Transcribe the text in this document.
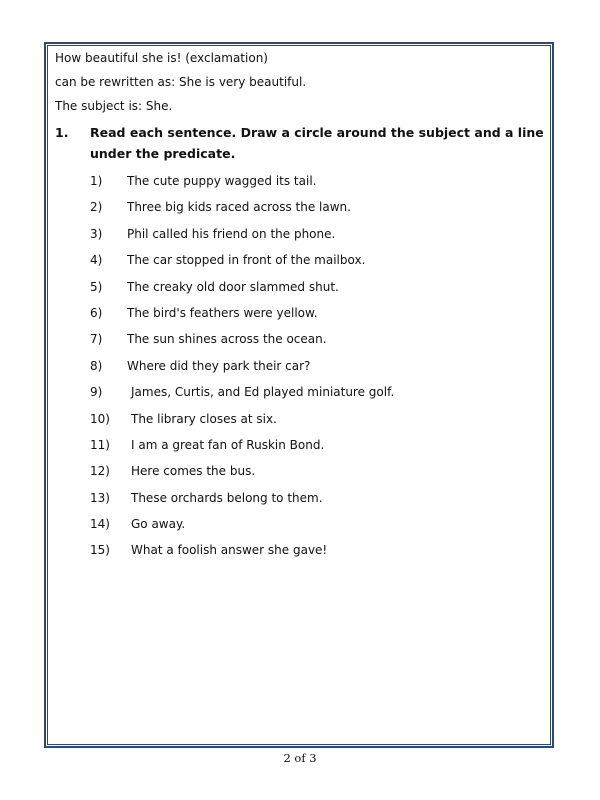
How beautiful she is! (exclamation)

can be rewritten as: She is very beautiful.

The subject is: She.

1. Read each sentence. Draw a circle around the subject and a line under the predicate.
1) The cute puppy wagged its tail.
2) Three big kids raced across the lawn.
3) Phil called his friend on the phone.
4) The car stopped in front of the mailbox.
5) The creaky old door slammed shut.
6) The bird's feathers were yellow.
7) The sun shines across the ocean.
8) Where did they park their car?
9) James, Curtis, and Ed played miniature golf.
10) The library closes at six.
11) I am a great fan of Ruskin Bond.
12) Here comes the bus.
13) These orchards belong to them.
14) Go away.
15) What a foolish answer she gave!
2 of 3
